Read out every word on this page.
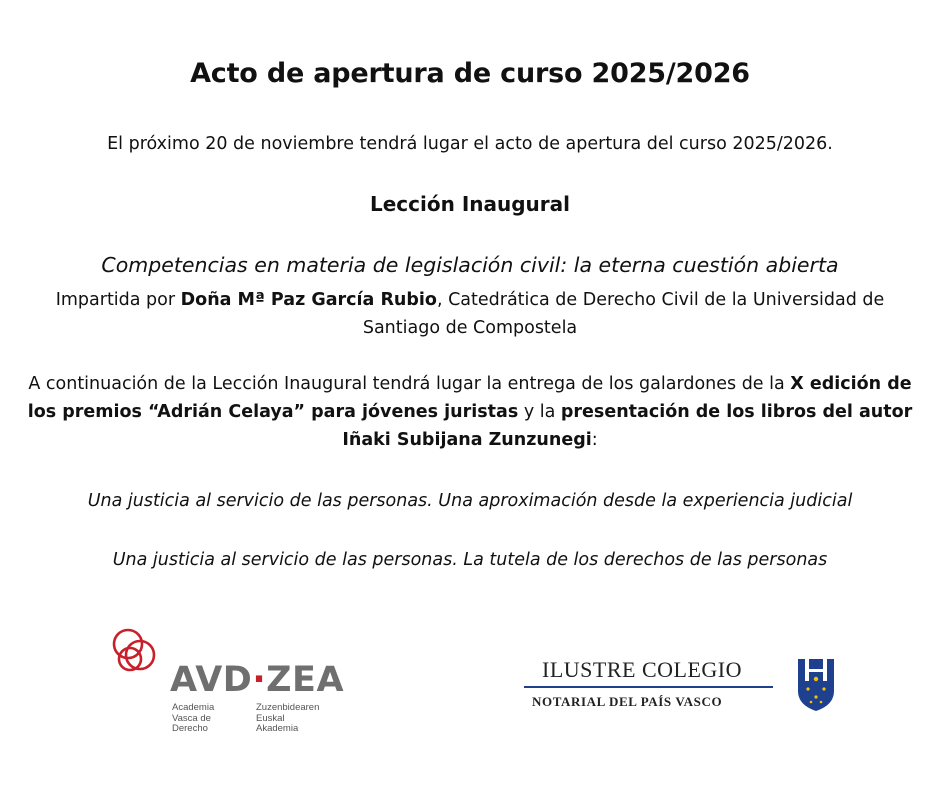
Acto de apertura de curso 2025/2026
El próximo 20 de noviembre tendrá lugar el acto de apertura del curso 2025/2026.
Lección Inaugural
Competencias en materia de legislación civil: la eterna cuestión abierta
Impartida por Doña Mª Paz García Rubio, Catedrática de Derecho Civil de la Universidad de Santiago de Compostela
A continuación de la Lección Inaugural tendrá lugar la entrega de los galardones de la X edición de los premios “Adrián Celaya” para jóvenes juristas y la presentación de los libros del autor Iñaki Subijana Zunzunegi:
Una justicia al servicio de las personas. Una aproximación desde la experiencia judicial
Una justicia al servicio de las personas. La tutela de los derechos de las personas
AVD·ZEA
Academia
Vasca de
Derecho
Zuzenbidearen
Euskal
Akademia
ILUSTRE COLEGIO
NOTARIAL DEL PAÍS VASCO
